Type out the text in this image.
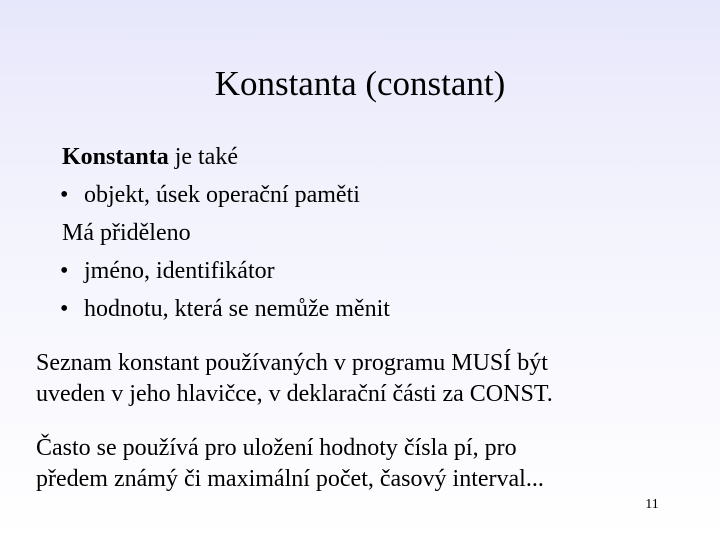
Konstanta (constant)
Konstanta je také
• objekt, úsek operační paměti
Má přiděleno
• jméno, identifikátor
• hodnotu, která se nemůže měnit
Seznam konstant používaných v programu MUSÍ být
uveden v jeho hlavičce, v deklarační části za CONST.
Často se používá pro uložení hodnoty čísla pí, pro
předem známý či maximální počet, časový interval...
11
